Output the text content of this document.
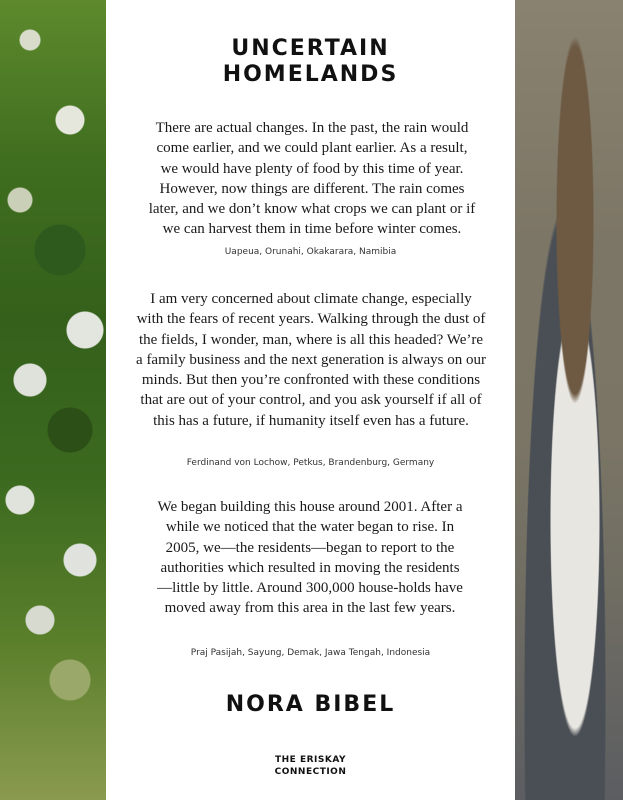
UNCERTAIN
HOMELANDS

There are actual changes. In the past, the rain would come earlier, and we could plant earlier. As a result, we would have plenty of food by this time of year. However, now things are different. The rain comes later, and we don’t know what crops we can plant or if we can harvest them in time before winter comes.

Uapeua, Orunahi, Okakarara, Namibia

I am very concerned about climate change, especially with the fears of recent years. Walking through the dust of the fields, I wonder, man, where is all this headed? We’re a family business and the next generation is always on our minds. But then you’re confronted with these conditions that are out of your control, and you ask yourself if all of this has a future, if humanity itself even has a future.

Ferdinand von Lochow, Petkus, Brandenburg, Germany

We began building this house around 2001. After a while we noticed that the water began to rise. In 2005, we—the residents—began to report to the authorities which resulted in moving the residents—little by little. Around 300,000 house-holds have moved away from this area in the last few years.

Praj Pasijah, Sayung, Demak, Jawa Tengah, Indonesia
NORA BIBEL
THE ERISKAY
CONNECTION
